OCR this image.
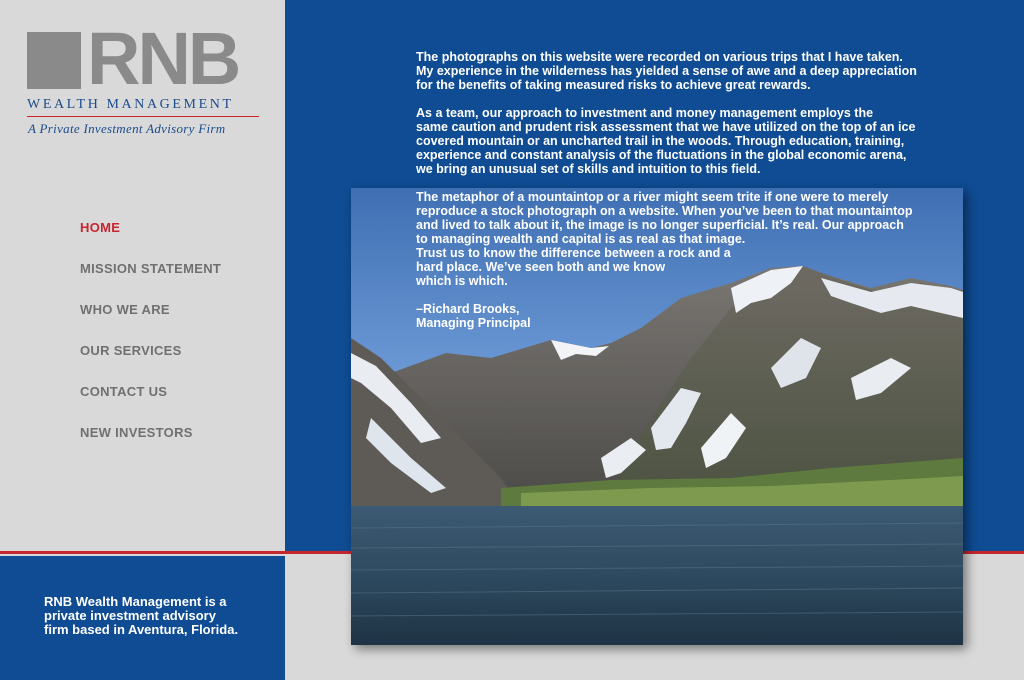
RNB
WEALTH MANAGEMENT
A Private Investment Advisory Firm
HOME
MISSION STATEMENT
WHO WE ARE
OUR SERVICES
CONTACT US
NEW INVESTORS
RNB Wealth Management is a
private investment advisory
firm based in Aventura, Florida.
The photographs on this website were recorded on various trips that I have taken.
My experience in the wilderness has yielded a sense of awe and a deep appreciation
for the benefits of taking measured risks to achieve great rewards.
As a team, our approach to investment and money management employs the
same caution and prudent risk assessment that we have utilized on the top of an ice
covered mountain or an uncharted trail in the woods. Through education, training,
experience and constant analysis of the fluctuations in the global economic arena,
we bring an unusual set of skills and intuition to this field.
The metaphor of a mountaintop or a river might seem trite if one were to merely
reproduce a stock photograph on a website. When you’ve been to that mountaintop
and lived to talk about it, the image is no longer superficial. It’s real. Our approach
to managing wealth and capital is as real as that image.
Trust us to know the difference between a rock and a
hard place. We’ve seen both and we know
which is which.
–Richard Brooks,
Managing Principal
